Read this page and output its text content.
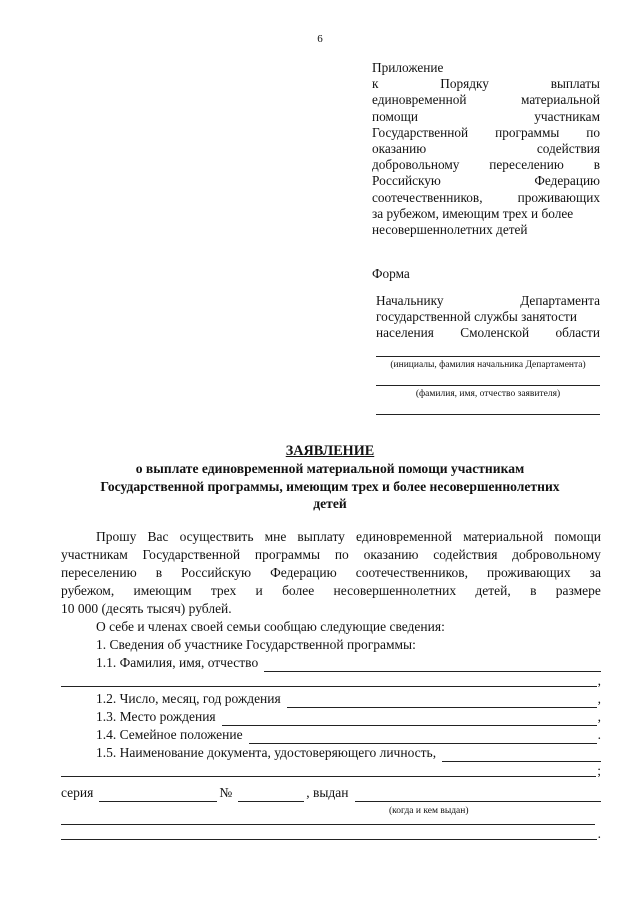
6
Приложение
к	Порядку	выплаты
единовременной	материальной
помощи	участникам
Государственной программы по
оказанию	содействия
добровольному переселению в
Российскую	Федерацию
соотечественников,	проживающих
за рубежом, имеющим трех и более
несовершеннолетних детей
Форма
Начальнику	Департамента
государственной службы занятости
населения Смоленской области
(инициалы, фамилия начальника Департамента)
(фамилия, имя, отчество заявителя)
ЗАЯВЛЕНИЕ
о выплате единовременной материальной помощи участникам
Государственной программы, имеющим трех и более несовершеннолетних
детей
Прошу Вас осуществить мне выплату единовременной материальной помощи
участникам Государственной программы по оказанию содействия добровольному
переселению в Российскую Федерацию соотечественников, проживающих за
рубежом, имеющим трех и более несовершеннолетних детей, в размере
10 000 (десять тысяч) рублей.
О себе и членах своей семьи сообщаю следующие сведения:
1. Сведения об участнике Государственной программы:
1.1. Фамилия, имя, отчество
,
1.2. Число, месяц, год рождения	,
1.3. Место рождения	,
1.4. Семейное положение	.
1.5. Наименование документа, удостоверяющего личность,
;
серия	№	, выдан
(когда и кем выдан)
.
